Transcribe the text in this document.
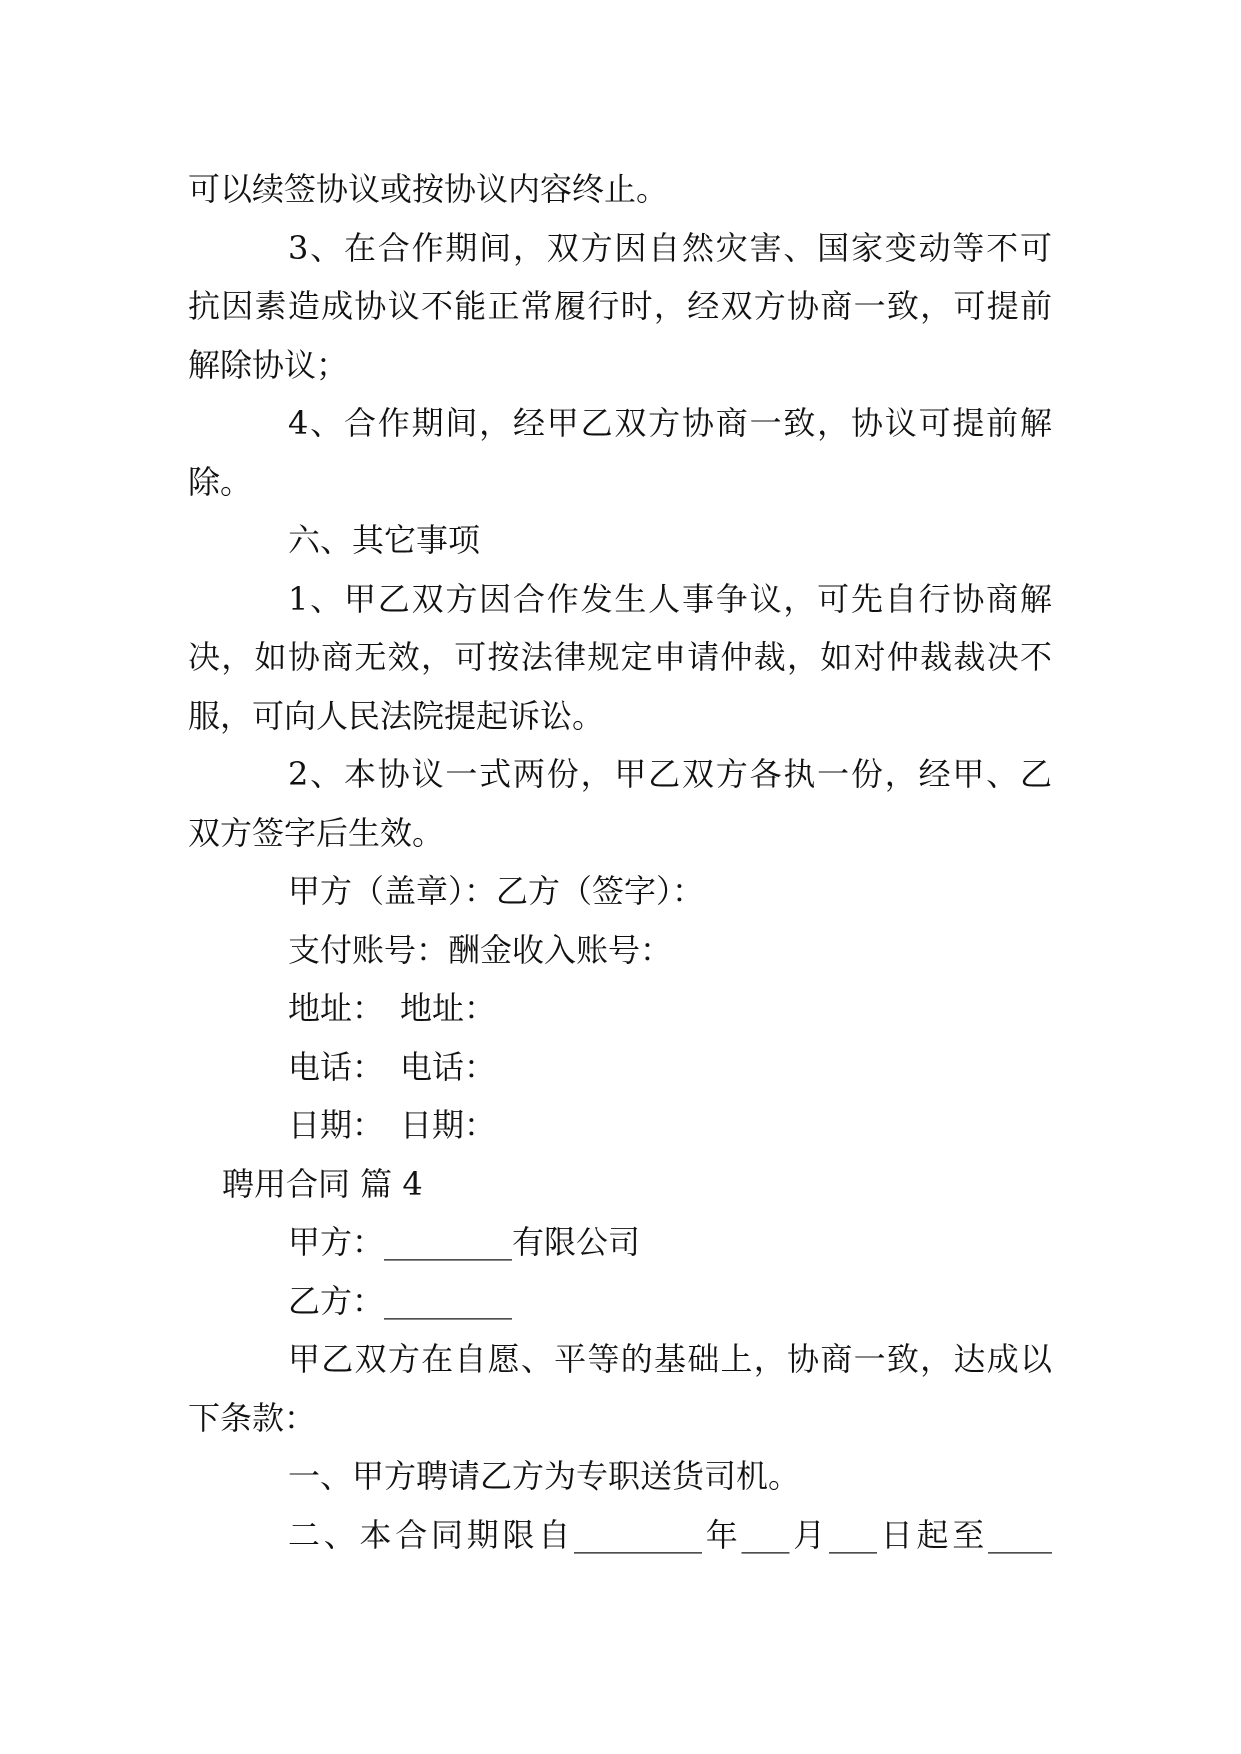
可以续签协议或按协议内容终止。
3、在合作期间，双方因自然灾害、国家变动等不可
抗因素造成协议不能正常履行时，经双方协商一致，可提前
解除协议；
4、合作期间，经甲乙双方协商一致，协议可提前解
除。
六、其它事项
1、甲乙双方因合作发生人事争议，可先自行协商解
决，如协商无效，可按法律规定申请仲裁，如对仲裁裁决不
服，可向人民法院提起诉讼。
2、本协议一式两份，甲乙双方各执一份，经甲、乙
双方签字后生效。
甲方（盖章）：乙方（签字）：
支付账号：酬金收入账号：
地址：　地址：
电话：　电话：
日期：　日期：
聘用合同 篇 4
甲方：________有限公司
乙方：________
甲乙双方在自愿、平等的基础上，协商一致，达成以
下条款：
一、甲方聘请乙方为专职送货司机。
二、本合同期限自________年___月___日起至____
